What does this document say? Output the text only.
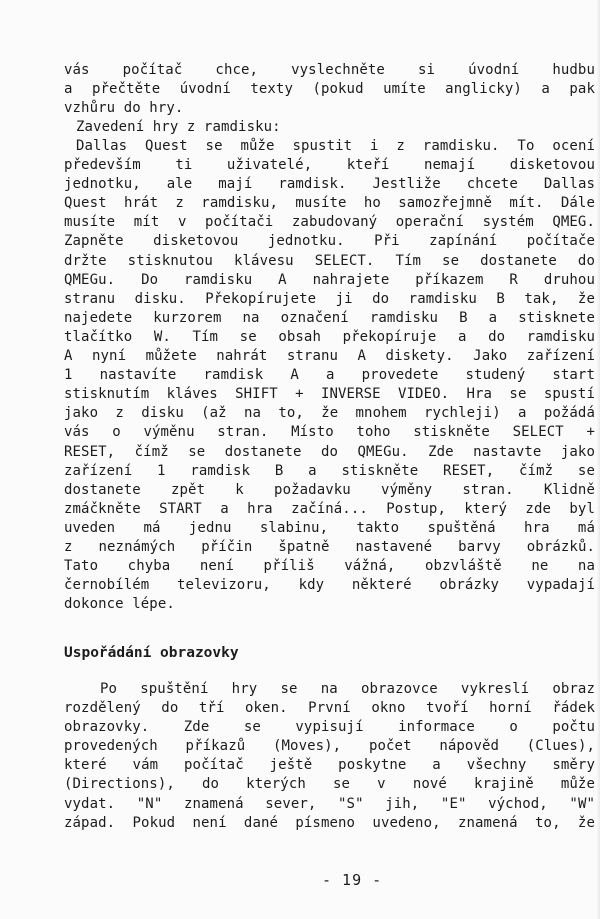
vás počítač chce, vyslechněte si úvodní hudbu
a přečtěte úvodní texty (pokud umíte anglicky) a pak
vzhůru do hry.
Zavedení hry z ramdisku:
Dallas Quest se může spustit i z ramdisku. To ocení
především ti uživatelé, kteří nemají disketovou
jednotku, ale mají ramdisk. Jestliže chcete Dallas
Quest hrát z ramdisku, musíte ho samozřejmně mít. Dále
musíte mít v počítači zabudovaný operační systém QMEG.
Zapněte disketovou jednotku. Při zapínání počítače
držte stisknutou klávesu SELECT. Tím se dostanete do
QMEGu. Do ramdisku A nahrajete příkazem R druhou
stranu disku. Překopírujete ji do ramdisku B tak, že
najedete kurzorem na označení ramdisku B a stisknete
tlačítko W. Tím se obsah překopíruje a do ramdisku
A nyní můžete nahrát stranu A diskety. Jako zařízení
1 nastavíte ramdisk A a provedete studený start
stisknutím kláves SHIFT + INVERSE VIDEO. Hra se spustí
jako z disku (až na to, že mnohem rychleji) a požádá
vás o výměnu stran. Místo toho stiskněte SELECT +
RESET, čímž se dostanete do QMEGu. Zde nastavte jako
zařízení 1 ramdisk B a stiskněte RESET, čímž se
dostanete zpět k požadavku výměny stran. Klidně
zmáčkněte START a hra začíná... Postup, který zde byl
uveden má jednu slabinu, takto spuštěná hra má
z neznámých příčin špatně nastavené barvy obrázků.
Tato chyba není příliš vážná, obzvláště ne na
černobílém televizoru, kdy některé obrázky vypadají
dokonce lépe.
Uspořádání obrazovky
Po spuštění hry se na obrazovce vykreslí obraz
rozdělený do tří oken. První okno tvoří horní řádek
obrazovky. Zde se vypisují informace o počtu
provedených příkazů (Moves), počet nápověd (Clues),
které vám počítač ještě poskytne a všechny směry
(Directions), do kterých se v nové krajině může
vydat. "N" znamená sever, "S" jih, "E" východ, "W"
západ. Pokud není dané písmeno uvedeno, znamená to, že
- 19 -
